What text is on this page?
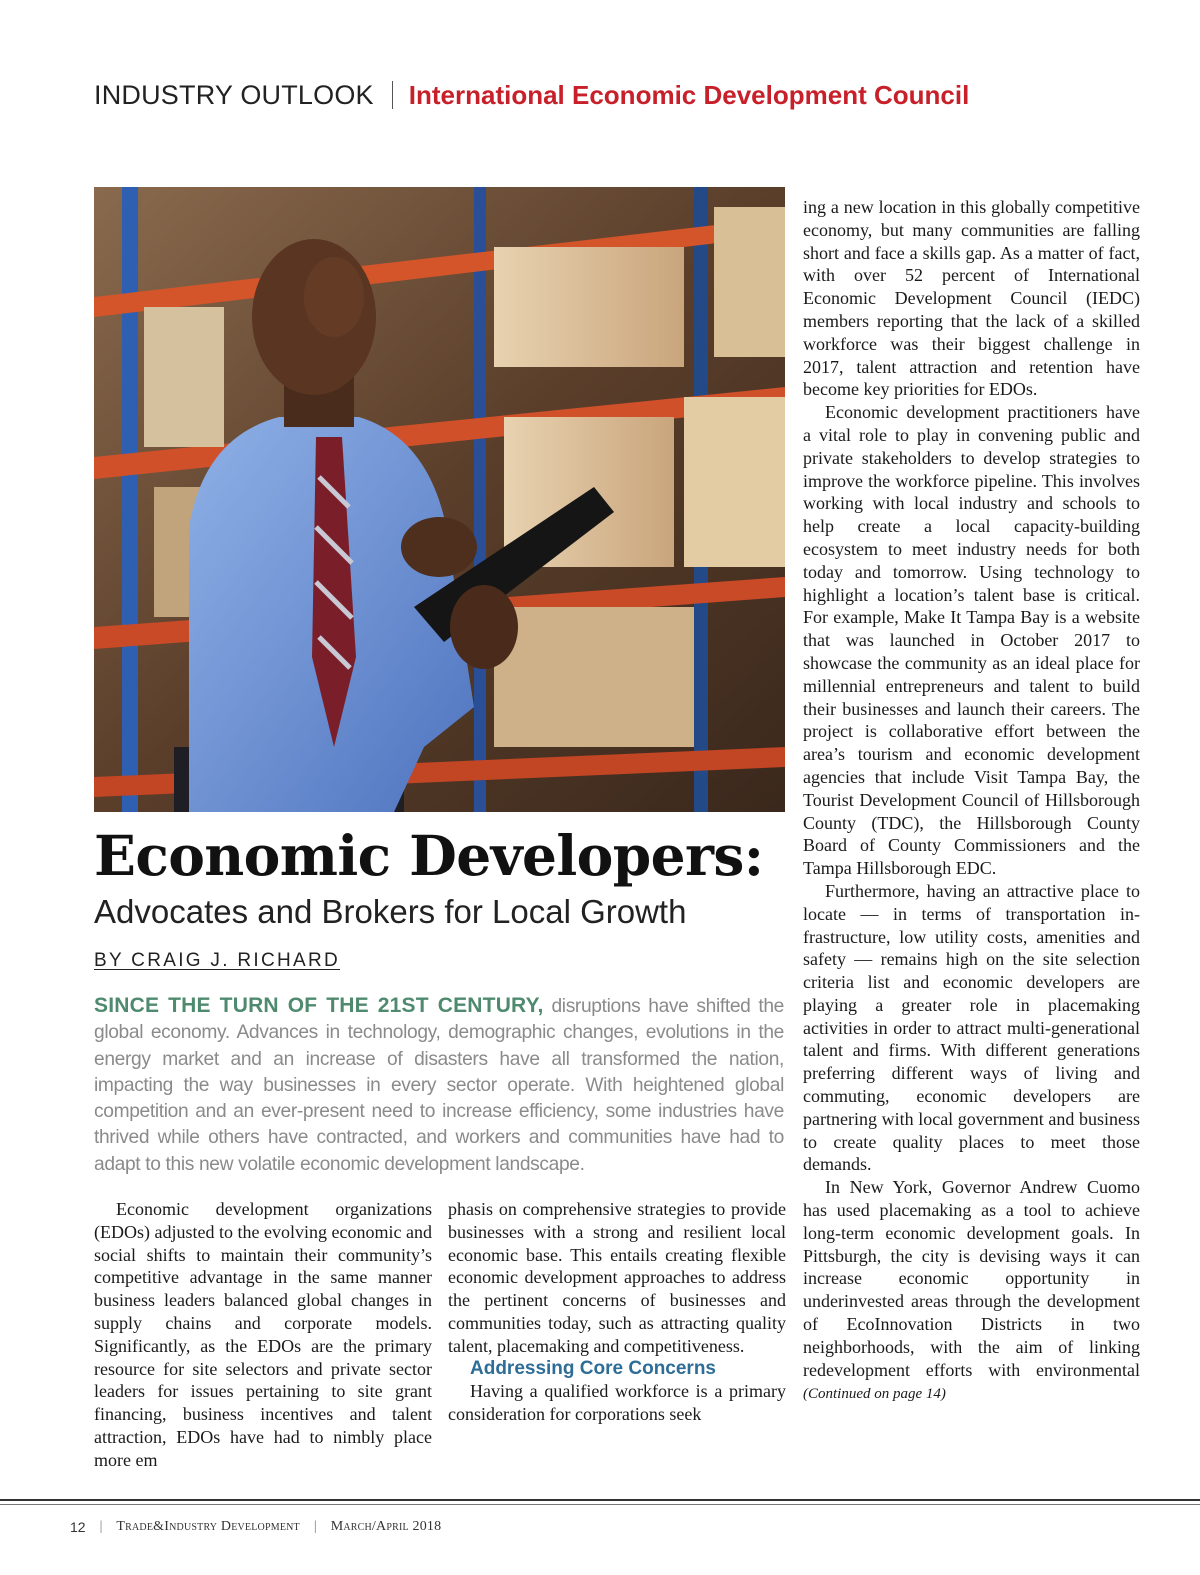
INDUSTRY OUTLOOK International Economic Development Council
Economic Developers:
Advocates and Brokers for Local Growth

BY CRAIG J. RICHARD

SINCE THE TURN OF THE 21ST CENTURY, disruptions have shifted the global economy. Advances in technology, demographic changes, evolutions in the energy market and an increase of disasters have all transformed the nation, impacting the way businesses in every sector operate. With heightened global competition and an ever-present need to increase efficiency, some industries have thrived while others have contracted, and workers and communities have had to adapt to this new volatile economic development landscape.

Economic development organizations (EDOs) adjusted to the evolving economic and social shifts to maintain their community’s competitive advantage in the same manner business leaders balanced global changes in supply chains and corporate models. Significantly, as the EDOs are the primary resource for site selectors and private sector leaders for issues pertaining to site grant financing, business incentives and talent attraction, EDOs have had to nimbly place more em

phasis on comprehensive strategies to provide businesses with a strong and resilient local economic base. This entails creating flexible economic development approaches to address the pertinent concerns of businesses and communities today, such as attracting quality talent, placemaking and competitiveness.

Addressing Core Concerns

Having a qualified workforce is a primary consideration for corporations seek

ing a new location in this globally competitive economy, but many communities are falling short and face a skills gap. As a matter of fact, with over 52 percent of International Economic Development Council (IEDC) members reporting that the lack of a skilled workforce was their biggest challenge in 2017, talent attraction and retention have become key priorities for EDOs.

Economic development practitioners have a vital role to play in convening public and private stakeholders to develop strategies to improve the workforce pipeline. This involves working with local industry and schools to help create a local capacity-building ecosystem to meet industry needs for both today and tomorrow. Using technology to highlight a location’s talent base is critical. For example, Make It Tampa Bay is a website that was launched in October 2017 to showcase the community as an ideal place for millennial entrepreneurs and talent to build their businesses and launch their careers. The project is collaborative effort between the area’s tourism and economic development agencies that include Visit Tampa Bay, the Tourist Development Council of Hillsborough County (TDC), the Hillsborough County Board of County Commissioners and the Tampa Hillsborough EDC.

Furthermore, having an attractive place to locate — in terms of transportation infrastructure, low utility costs, amenities and safety — remains high on the site selection criteria list and economic developers are playing a greater role in placemaking activities in order to attract multi-generational talent and firms. With different generations preferring different ways of living and commuting, economic developers are partnering with local government and business to create quality places to meet those demands.

In New York, Governor Andrew Cuomo has used placemaking as a tool to achieve long-term economic development goals. In Pittsburgh, the city is devising ways it can increase economic opportunity in underinvested areas through the development of EcoInnovation Districts in two neighborhoods, with the aim of linking redevelopment efforts with environmental (Continued on page 14)

12 | Trade&Industry Development | March/April 2018
